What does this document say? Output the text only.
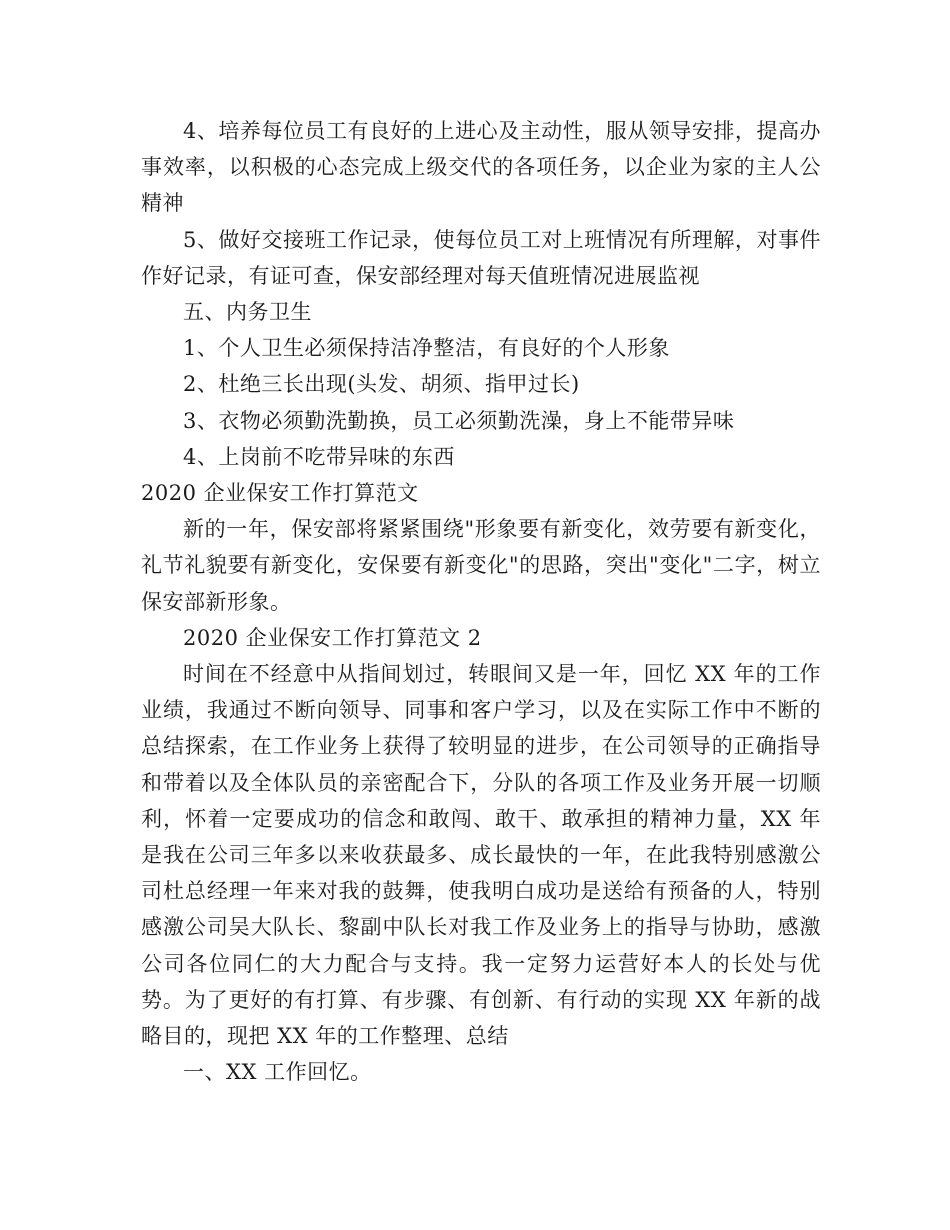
4、培养每位员工有良好的上进心及主动性，服从领导安排，提高办事效率，以积极的心态完成上级交代的各项任务，以企业为家的主人公精神

5、做好交接班工作记录，使每位员工对上班情况有所理解，对事件作好记录，有证可查，保安部经理对每天值班情况进展监视

五、内务卫生

1、个人卫生必须保持洁净整洁，有良好的个人形象

2、杜绝三长出现(头发、胡须、指甲过长)

3、衣物必须勤洗勤换，员工必须勤洗澡，身上不能带异味

4、上岗前不吃带异味的东西

2020 企业保安工作打算范文

新的一年，保安部将紧紧围绕"形象要有新变化，效劳要有新变化，礼节礼貌要有新变化，安保要有新变化"的思路，突出"变化"二字，树立保安部新形象。

2020 企业保安工作打算范文 2

时间在不经意中从指间划过，转眼间又是一年，回忆 XX 年的工作业绩，我通过不断向领导、同事和客户学习，以及在实际工作中不断的总结探索，在工作业务上获得了较明显的进步，在公司领导的正确指导和带着以及全体队员的亲密配合下，分队的各项工作及业务开展一切顺利，怀着一定要成功的信念和敢闯、敢干、敢承担的精神力量，XX 年是我在公司三年多以来收获最多、成长最快的一年，在此我特别感激公司杜总经理一年来对我的鼓舞，使我明白成功是送给有预备的人，特别感激公司吴大队长、黎副中队长对我工作及业务上的指导与协助，感激公司各位同仁的大力配合与支持。我一定努力运营好本人的长处与优势。为了更好的有打算、有步骤、有创新、有行动的实现 XX 年新的战略目的，现把 XX 年的工作整理、总结

一、XX 工作回忆。
